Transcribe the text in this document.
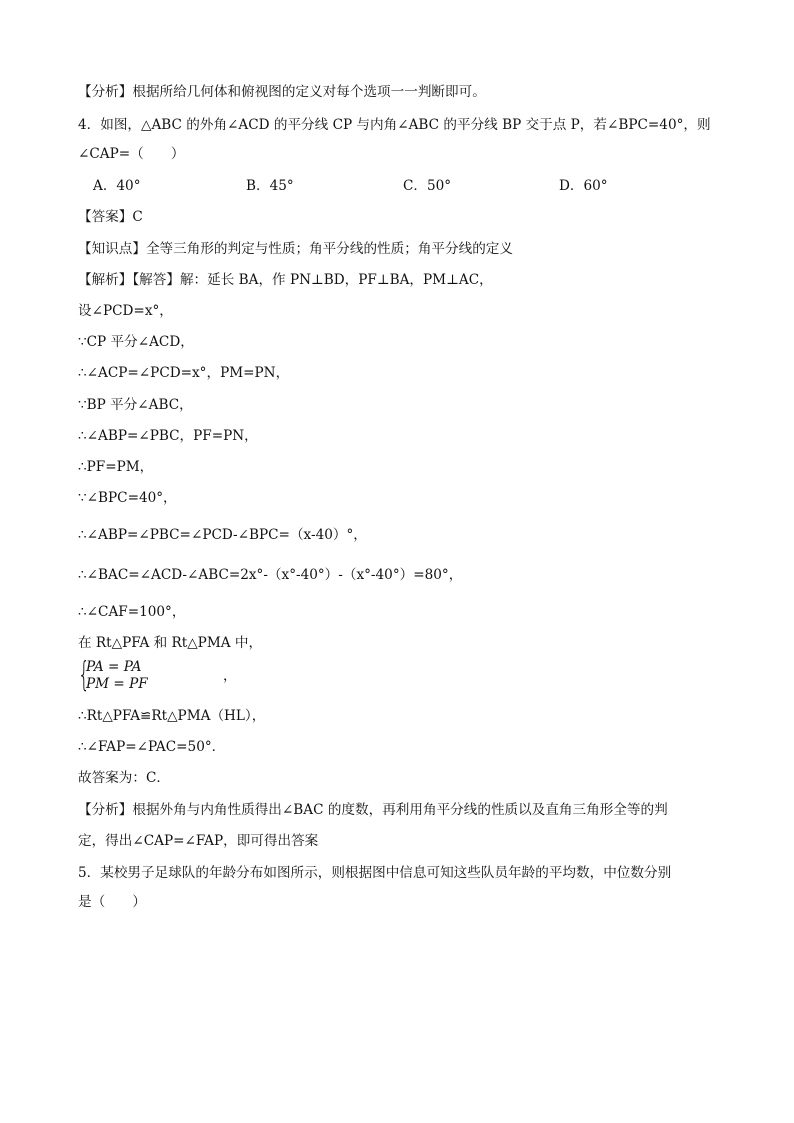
【分析】根据所给几何体和俯视图的定义对每个选项一一判断即可。
4．如图，△ABC 的外角∠ACD 的平分线 CP 与内角∠ABC 的平分线 BP 交于点 P，若∠BPC=40°，则
∠CAP=（　　）
A．40°	B．45°	C．50°	D．60°
【答案】C
【知识点】全等三角形的判定与性质；角平分线的性质；角平分线的定义
【解析】【解答】解：延长 BA，作 PN⊥BD，PF⊥BA，PM⊥AC，
设∠PCD=x°，
∵CP 平分∠ACD，
∴∠ACP=∠PCD=x°，PM=PN，
∵BP 平分∠ABC，
∴∠ABP=∠PBC，PF=PN，
∴PF=PM，
∵∠BPC=40°，
∴∠ABP=∠PBC=∠PCD-∠BPC=（x-40）°，
∴∠BAC=∠ACD-∠ABC=2x°-（x°-40°）-（x°-40°）=80°，
∴∠CAF=100°，
在 Rt△PFA 和 Rt△PMA 中，
{
PA = PA
PM = PF	，
∴Rt△PFA≌Rt△PMA（HL），
∴∠FAP=∠PAC=50°．
故答案为：C．
【分析】根据外角与内角性质得出∠BAC 的度数，再利用角平分线的性质以及直角三角形全等的判
定，得出∠CAP=∠FAP，即可得出答案
5．某校男子足球队的年龄分布如图所示，则根据图中信息可知这些队员年龄的平均数，中位数分别
是（　　）
